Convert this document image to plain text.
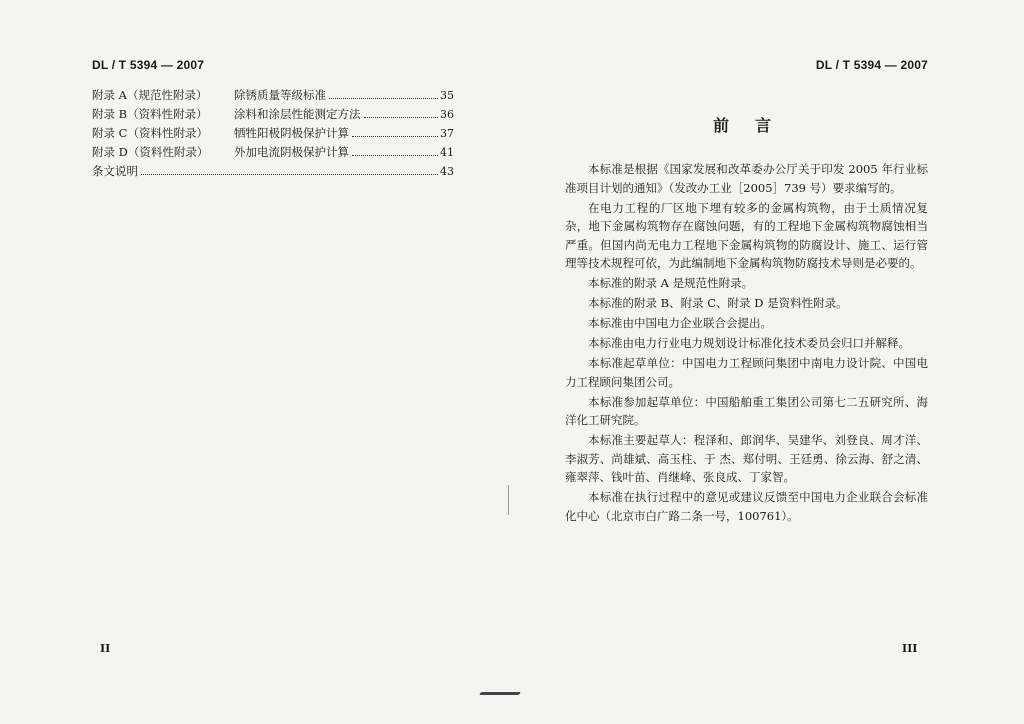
DL / T 5394 — 2007
附录 A（规范性附录）	除锈质量等级标准	35
附录 B（资料性附录）	涂料和涂层性能测定方法	36
附录 C（资料性附录）	牺牲阳极阴极保护计算	37
附录 D（资料性附录）	外加电流阴极保护计算	41
条文说明	43
II
DL / T 5394 — 2007
前言

本标准是根据《国家发展和改革委办公厅关于印发 2005 年行业标准项目计划的通知》（发改办工业［2005］739 号）要求编写的。

在电力工程的厂区地下埋有较多的金属构筑物，由于土质情况复杂，地下金属构筑物存在腐蚀问题，有的工程地下金属构筑物腐蚀相当严重。但国内尚无电力工程地下金属构筑物的防腐设计、施工、运行管理等技术规程可依，为此编制地下金属构筑物防腐技术导则是必要的。

本标准的附录 A 是规范性附录。

本标准的附录 B、附录 C、附录 D 是资料性附录。

本标准由中国电力企业联合会提出。

本标准由电力行业电力规划设计标准化技术委员会归口并解释。

本标准起草单位：中国电力工程顾问集团中南电力设计院、中国电力工程顾问集团公司。

本标准参加起草单位：中国船舶重工集团公司第七二五研究所、海洋化工研究院。

本标准主要起草人：程泽和、郎润华、吴建华、刘登良、周才洋、李淑芳、尚雄斌、高玉柱、于 杰、郑付明、王廷勇、徐云海、舒之清、雍翠萍、钱叶苗、肖继峰、张良成、丁家智。

本标准在执行过程中的意见或建议反馈至中国电力企业联合会标准化中心（北京市白广路二条一号，100761）。

III
